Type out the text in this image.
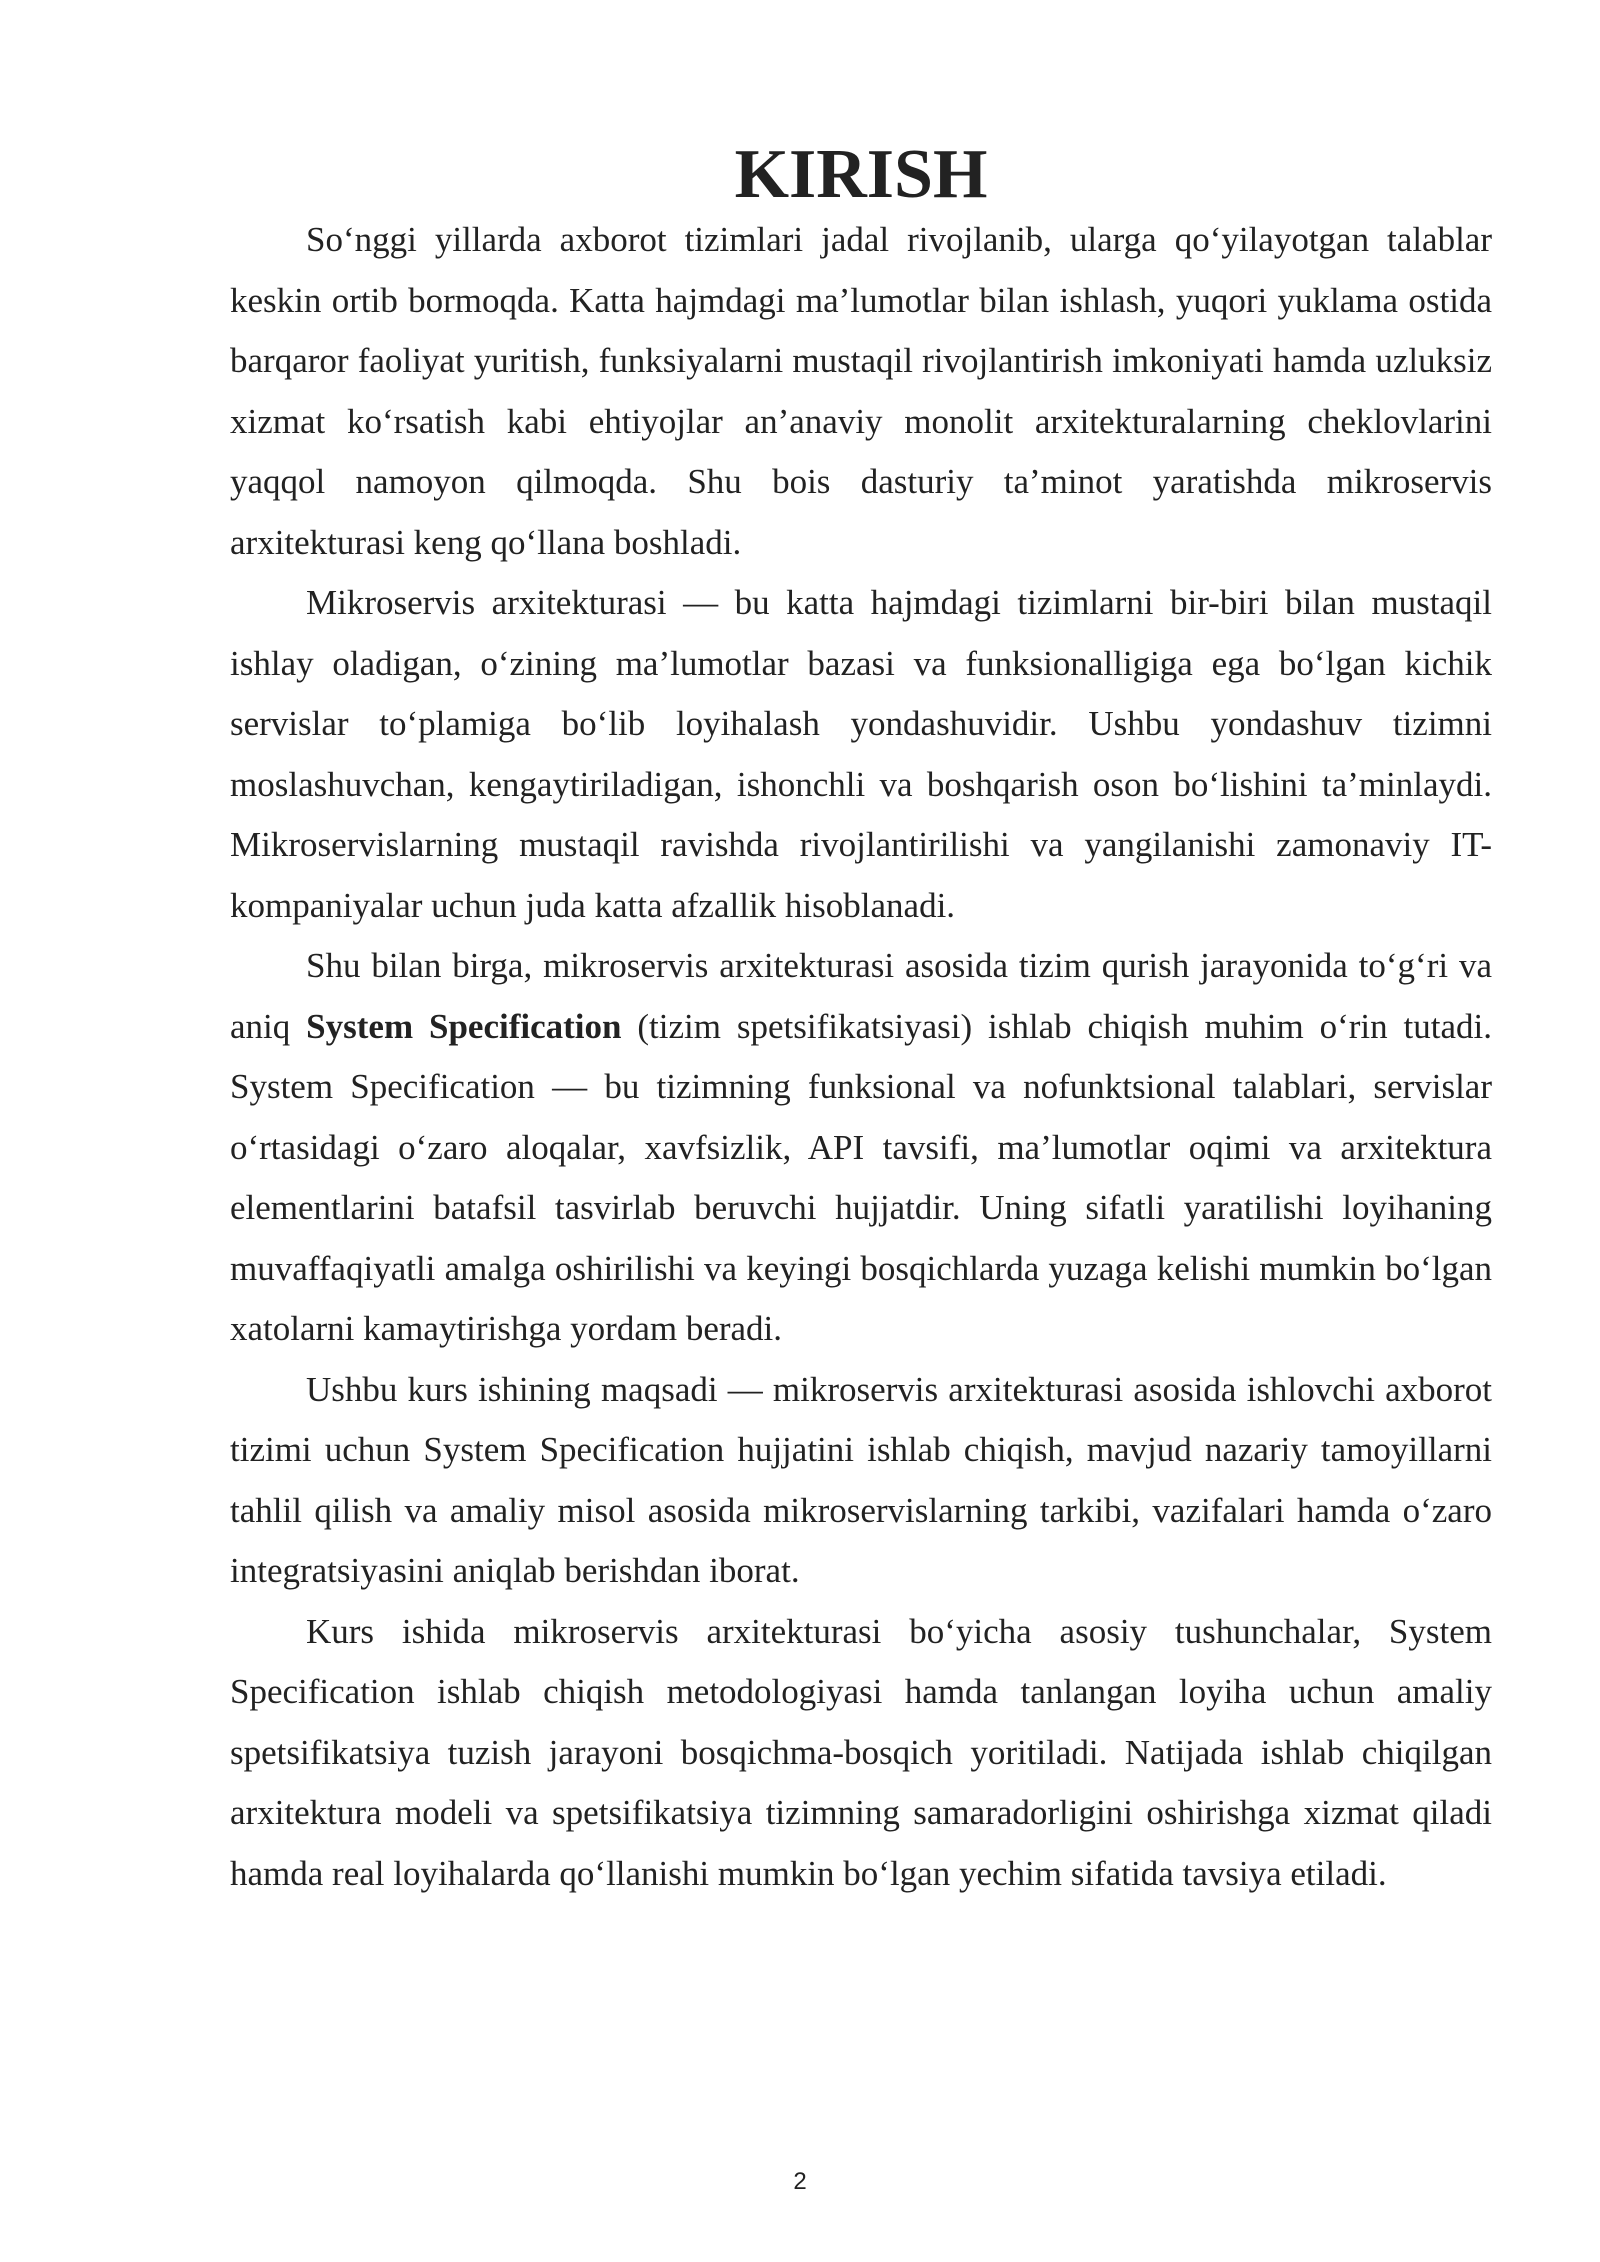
KIRISH

So‘nggi yillarda axborot tizimlari jadal rivojlanib, ularga qo‘yilayotgan talablar keskin ortib bormoqda. Katta hajmdagi ma’lumotlar bilan ishlash, yuqori yuklama ostida barqaror faoliyat yuritish, funksiyalarni mustaqil rivojlantirish imkoniyati hamda uzluksiz xizmat ko‘rsatish kabi ehtiyojlar an’anaviy monolit arxitekturalarning cheklovlarini yaqqol namoyon qilmoqda. Shu bois dasturiy ta’minot yaratishda mikroservis arxitekturasi keng qo‘llana boshladi.

Mikroservis arxitekturasi — bu katta hajmdagi tizimlarni bir-biri bilan mustaqil ishlay oladigan, o‘zining ma’lumotlar bazasi va funksionalligiga ega bo‘lgan kichik servislar to‘plamiga bo‘lib loyihalash yondashuvidir. Ushbu yondashuv tizimni moslashuvchan, kengaytiriladigan, ishonchli va boshqarish oson bo‘lishini ta’minlaydi. Mikroservislarning mustaqil ravishda rivojlantirilishi va yangilanishi zamonaviy IT-kompaniyalar uchun juda katta afzallik hisoblanadi.

Shu bilan birga, mikroservis arxitekturasi asosida tizim qurish jarayonida to‘g‘ri va aniq System Specification (tizim spetsifikatsiyasi) ishlab chiqish muhim o‘rin tutadi. System Specification — bu tizimning funksional va nofunktsional talablari, servislar o‘rtasidagi o‘zaro aloqalar, xavfsizlik, API tavsifi, ma’lumotlar oqimi va arxitektura elementlarini batafsil tasvirlab beruvchi hujjatdir. Uning sifatli yaratilishi loyihaning muvaffaqiyatli amalga oshirilishi va keyingi bosqichlarda yuzaga kelishi mumkin bo‘lgan xatolarni kamaytirishga yordam beradi.

Ushbu kurs ishining maqsadi — mikroservis arxitekturasi asosida ishlovchi axborot tizimi uchun System Specification hujjatini ishlab chiqish, mavjud nazariy tamoyillarni tahlil qilish va amaliy misol asosida mikroservislarning tarkibi, vazifalari hamda o‘zaro integratsiyasini aniqlab berishdan iborat.

Kurs ishida mikroservis arxitekturasi bo‘yicha asosiy tushunchalar, System Specification ishlab chiqish metodologiyasi hamda tanlangan loyiha uchun amaliy spetsifikatsiya tuzish jarayoni bosqichma-bosqich yoritiladi. Natijada ishlab chiqilgan arxitektura modeli va spetsifikatsiya tizimning samaradorligini oshirishga xizmat qiladi hamda real loyihalarda qo‘llanishi mumkin bo‘lgan yechim sifatida tavsiya etiladi.

2
